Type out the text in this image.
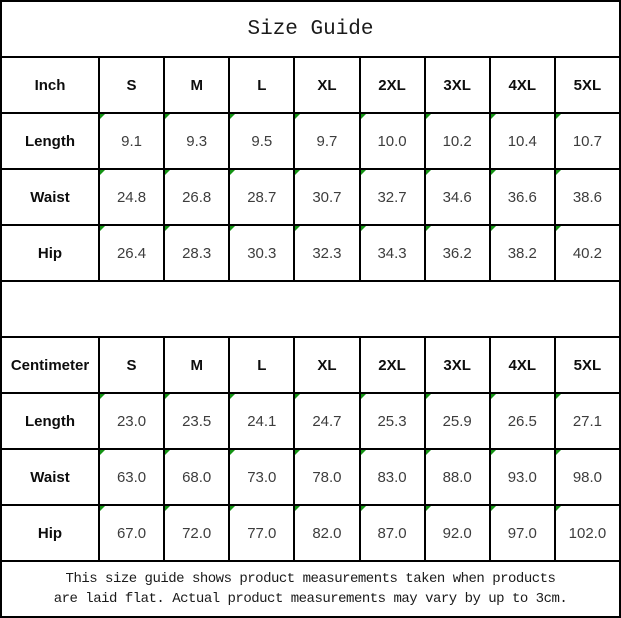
Size Guide
Inch	S	M	L	XL	2XL	3XL	4XL	5XL
Length	9.1	9.3	9.5	9.7	10.0 10.2 10.4 10.7
Waist	24.8 26.8 28.7 30.7 32.7 34.6 36.6 38.6
Hip	26.4 28.3 30.3 32.3 34.3 36.2 38.2 40.2
Centimeter	S	M	L	XL	2XL	3XL	4XL	5XL
Length	23.0 23.5 24.1 24.7 25.3 25.9 26.5 27.1
Waist	63.0 68.0 73.0 78.0 83.0 88.0 93.0 98.0
Hip	67.0 72.0 77.0 82.0 87.0 92.0 97.0 102.0
This size guide shows product measurements taken when products
are laid flat. Actual product measurements may vary by up to 3cm.
